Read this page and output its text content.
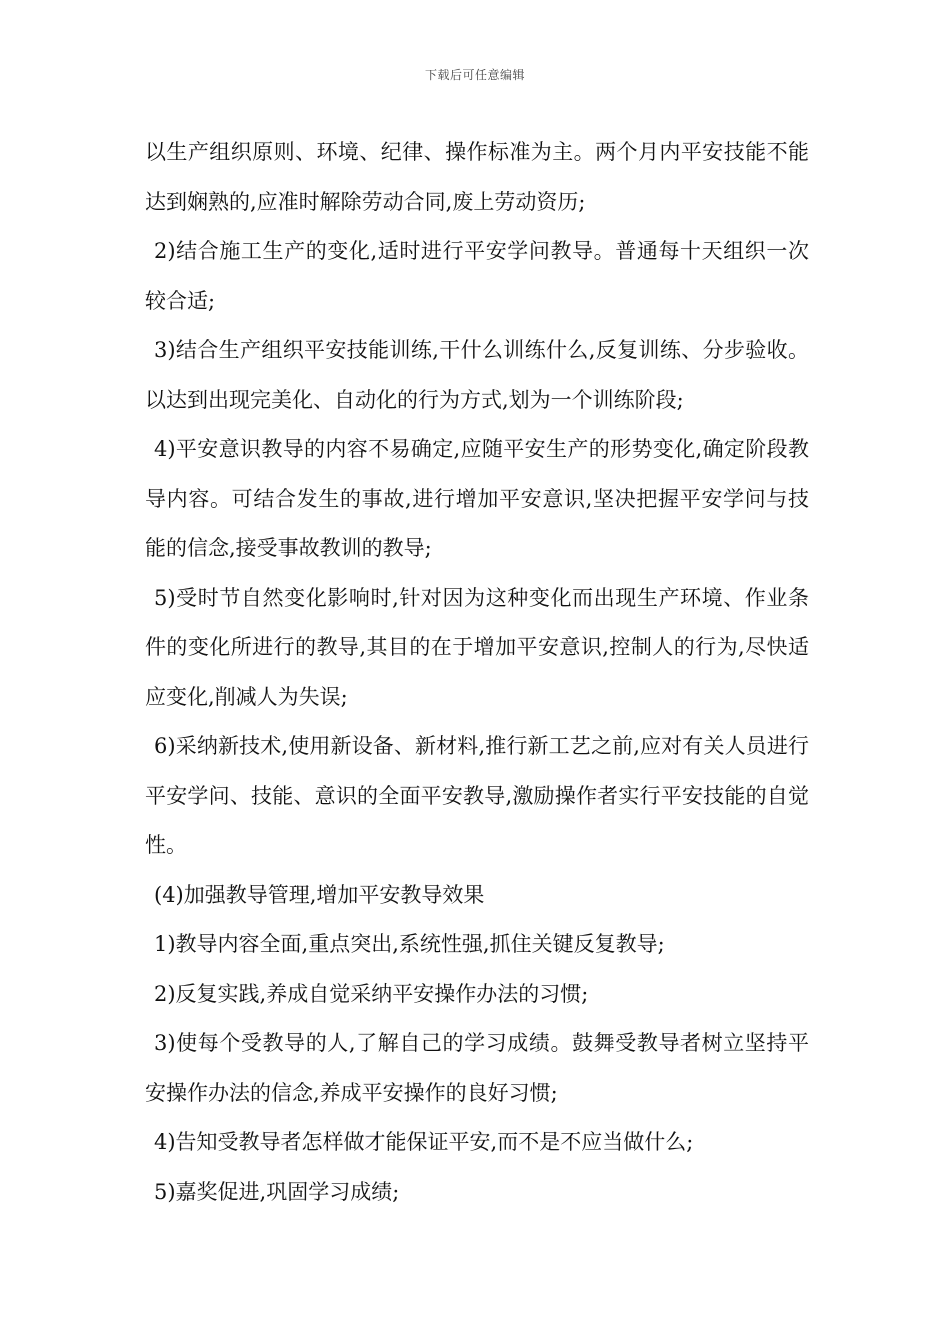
下载后可任意编辑

以生产组织原则、环境、纪律、操作标准为主。两个月内平安技能不能达到娴熟的,应准时解除劳动合同,废上劳动资历;

2)结合施工生产的变化,适时进行平安学问教导。普通每十天组织一次较合适;

3)结合生产组织平安技能训练,干什么训练什么,反复训练、分步验收。以达到出现完美化、自动化的行为方式,划为一个训练阶段;

4)平安意识教导的内容不易确定,应随平安生产的形势变化,确定阶段教导内容。可结合发生的事故,进行增加平安意识,坚决把握平安学问与技能的信念,接受事故教训的教导;

5)受时节自然变化影响时,针对因为这种变化而出现生产环境、作业条件的变化所进行的教导,其目的在于增加平安意识,控制人的行为,尽快适应变化,削减人为失误;

6)采纳新技术,使用新设备、新材料,推行新工艺之前,应对有关人员进行平安学问、技能、意识的全面平安教导,激励操作者实行平安技能的自觉性。

(4)加强教导管理,增加平安教导效果

1)教导内容全面,重点突出,系统性强,抓住关键反复教导;

2)反复实践,养成自觉采纳平安操作办法的习惯;

3)使每个受教导的人,了解自己的学习成绩。鼓舞受教导者树立坚持平安操作办法的信念,养成平安操作的良好习惯;

4)告知受教导者怎样做才能保证平安,而不是不应当做什么;

5)嘉奖促进,巩固学习成绩;
